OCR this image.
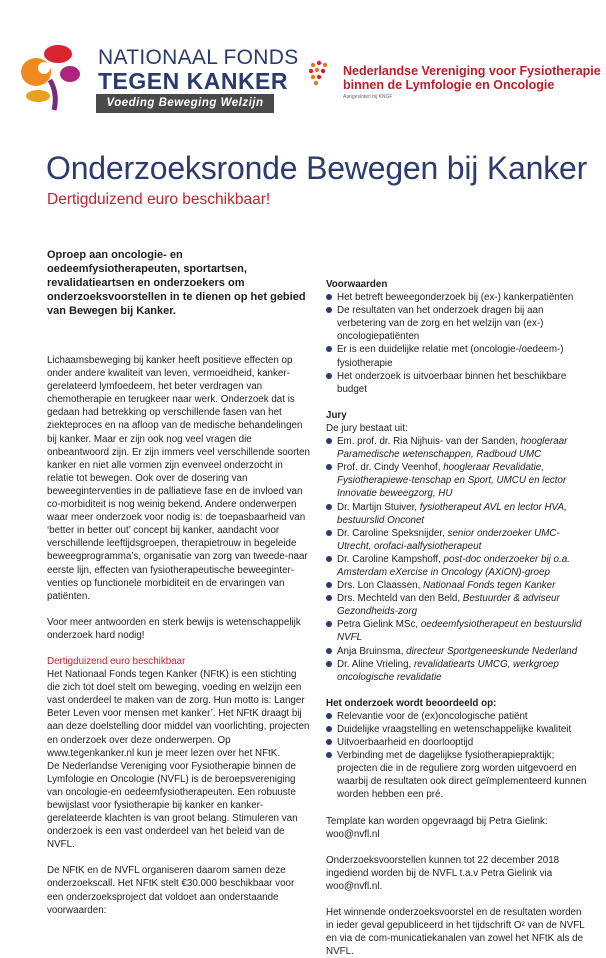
NATIONAAL FONDS
TEGEN KANKER
Voeding Beweging Welzijn
Nederlandse Vereniging voor Fysiotherapie
binnen de Lymfologie en Oncologie
Aangesloten bij KNGF
Onderzoeksronde Bewegen bij Kanker
Dertigduizend euro beschikbaar!
Oproep aan oncologie- en oedeemfysiotherapeuten, sportartsen, revalidatieartsen en onderzoekers om onderzoeksvoorstellen in te dienen op het gebied van Bewegen bij Kanker.
Lichaamsbeweging bij kanker heeft positieve effecten op onder andere kwaliteit van leven, vermoeidheid, kanker-gerelateerd lymfoedeem, het beter verdragen van chemotherapie en terugkeer naar werk. Onderzoek dat is gedaan had betrekking op verschillende fasen van het ziekteproces en na afloop van de medische behandelingen bij kanker. Maar er zijn ook nog veel vragen die onbeantwoord zijn. Er zijn immers veel verschillende soorten kanker en niet alle vormen zijn evenveel onderzocht in relatie tot bewegen. Ook over de dosering van beweeginterventies in de palliatieve fase en de invloed van co-morbiditeit is nog weinig bekend. Andere onderwerpen waar meer onderzoek voor nodig is: de toepasbaarheid van ‘better in better out’ concept bij kanker, aandacht voor verschillende leeftijdsgroepen, therapietrouw in begeleide beweegprogramma’s, organisatie van zorg van tweede-naar eerste lijn, effecten van fysiotherapeutische beweeginter-venties op functionele morbiditeit en de ervaringen van patiënten.
Voor meer antwoorden en sterk bewijs is wetenschappelijk onderzoek hard nodig!
Dertigduizend euro beschikbaar
Het Nationaal Fonds tegen Kanker (NFtK) is een stichting die zich tot doel stelt om beweging, voeding en welzijn een vast onderdeel te maken van de zorg. Hun motto is: Langer Beter Leven voor mensen met kanker’. Het NFtK draagt bij aan deze doelstelling door middel van voorlichting, projecten en onderzoek over deze onderwerpen. Op www.tegenkanker.nl kun je meer lezen over het NFtK.
De Nederlandse Vereniging voor Fysiotherapie binnen de Lymfologie en Oncologie (NVFL) is de beroepsvereniging van oncologie-en oedeemfysiotherapeuten. Een robuuste bewijslast voor fysiotherapie bij kanker en kanker-gerelateerde klachten is van groot belang. Stimuleren van onderzoek is een vast onderdeel van het beleid van de NVFL.
De NFtK en de NVFL organiseren daarom samen deze onderzoekscall. Het NFtK stelt €30.000 beschikbaar voor een onderzoeksproject dat voldoet aan onderstaande voorwaarden:
Voorwaarden
Het betreft beweegonderzoek bij (ex-) kankerpatiënten
De resultaten van het onderzoek dragen bij aan verbetering van de zorg en het welzijn van (ex-) oncologiepatiënten
Er is een duidelijke relatie met (oncologie-/oedeem-) fysiotherapie
Het onderzoek is uitvoerbaar binnen het beschikbare budget
Jury
De jury bestaat uit:
Em. prof. dr. Ria Nijhuis- van der Sanden, hoogleraar Paramedische wetenschappen, Radboud UMC
Prof. dr. Cindy Veenhof, hoogleraar Revalidatie, Fysiotherapiewe-tenschap en Sport, UMCU en lector Innovatie beweegzorg, HU
Dr. Martijn Stuiver, fysiotherapeut AVL en lector HVA, bestuurslid Onconet
Dr. Caroline Speksnijder, senior onderzoeker UMC-Utrecht, orofaci-aalfysiotherapeut
Dr. Caroline Kampshoff, post-doc onderzoeker bij o.a. Amsterdam eXercise in Oncology (AXiON)-groep
Drs. Lon Claassen, Nationaal Fonds tegen Kanker
Drs. Mechteld van den Beld, Bestuurder & adviseur Gezondheids-zorg
Petra Gielink MSc, oedeemfysiotherapeut en bestuurslid NVFL
Anja Bruinsma, directeur Sportgeneeskunde Nederland
Dr. Aline Vrieling, revalidatiearts UMCG, werkgroep oncologische revalidatie
Het onderzoek wordt beoordeeld op:
Relevantie voor de (ex)oncologische patiënt
Duidelijke vraagstelling en wetenschappelijke kwaliteit
Uitvoerbaarheid en doorlooptijd
Verbinding met de dagelijkse fysiotherapiepraktijk; projecten die in de reguliere zorg worden uitgevoerd en waarbij de resultaten ook direct geïmplementeerd kunnen worden hebben een pré.
Template kan worden opgevraagd bij Petra Gielink: woo@nvfl.nl
Onderzoeksvoorstellen kunnen tot 22 december 2018 ingediend worden bij de NVFL t.a.v Petra Gielink via woo@nvfl.nl.
Het winnende onderzoeksvoorstel en de resultaten worden in ieder geval gepubliceerd in het tijdschrift O² van de NVFL en via de com-municatiekanalen van zowel het NFtK als de NVFL.
